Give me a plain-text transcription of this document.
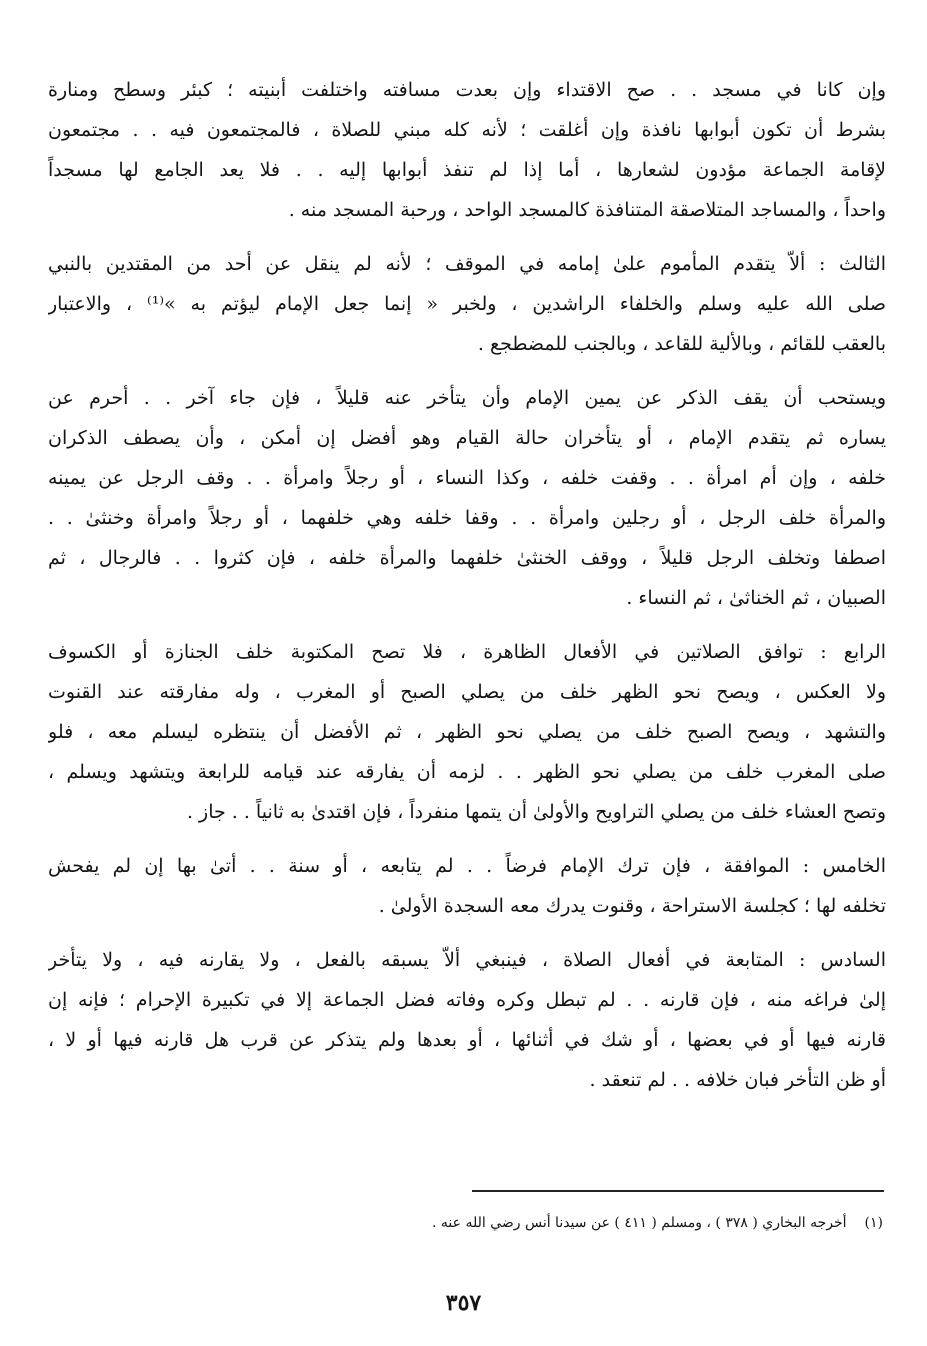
وإن كانا في مسجد . . صح الاقتداء وإن بعدت مسافته واختلفت أبنيته ؛ كبئر وسطح ومنارة
بشرط أن تكون أبوابها نافذة وإن أغلقت ؛ لأنه كله مبني للصلاة ، فالمجتمعون فيه . . مجتمعون
لإقامة الجماعة مؤدون لشعارها ، أما إذا لم تنفذ أبوابها إليه . . فلا يعد الجامع لها مسجداً
واحداً ، والمساجد المتلاصقة المتنافذة كالمسجد الواحد ، ورحبة المسجد منه .
الثالث : ألاّ يتقدم المأموم علىٰ إمامه في الموقف ؛ لأنه لم ينقل عن أحد من المقتدين بالنبي
صلى الله عليه وسلم والخلفاء الراشدين ، ولخبر « إنما جعل الإمام ليؤتم به »⁽¹⁾ ، والاعتبار
بالعقب للقائم ، وبالألية للقاعد ، وبالجنب للمضطجع .
ويستحب أن يقف الذكر عن يمين الإمام وأن يتأخر عنه قليلاً ، فإن جاء آخر . . أحرم عن
يساره ثم يتقدم الإمام ، أو يتأخران حالة القيام وهو أفضل إن أمكن ، وأن يصطف الذكران
خلفه ، وإن أم امرأة . . وقفت خلفه ، وكذا النساء ، أو رجلاً وامرأة . . وقف الرجل عن يمينه
والمرأة خلف الرجل ، أو رجلين وامرأة . . وقفا خلفه وهي خلفهما ، أو رجلاً وامرأة وخنثىٰ . .
اصطفا وتخلف الرجل قليلاً ، ووقف الخنثىٰ خلفهما والمرأة خلفه ، فإن كثروا . . فالرجال ، ثم
الصبيان ، ثم الخناثىٰ ، ثم النساء .
الرابع : توافق الصلاتين في الأفعال الظاهرة ، فلا تصح المكتوبة خلف الجنازة أو الكسوف
ولا العكس ، ويصح نحو الظهر خلف من يصلي الصبح أو المغرب ، وله مفارقته عند القنوت
والتشهد ، ويصح الصبح خلف من يصلي نحو الظهر ، ثم الأفضل أن ينتظره ليسلم معه ، فلو
صلى المغرب خلف من يصلي نحو الظهر . . لزمه أن يفارقه عند قيامه للرابعة ويتشهد ويسلم ،
وتصح العشاء خلف من يصلي التراويح والأولىٰ أن يتمها منفرداً ، فإن اقتدىٰ به ثانياً . . جاز .
الخامس : الموافقة ، فإن ترك الإمام فرضاً . . لم يتابعه ، أو سنة . . أتىٰ بها إن لم يفحش
تخلفه لها ؛ كجلسة الاستراحة ، وقنوت يدرك معه السجدة الأولىٰ .
السادس : المتابعة في أفعال الصلاة ، فينبغي ألاّ يسبقه بالفعل ، ولا يقارنه فيه ، ولا يتأخر
إلىٰ فراغه منه ، فإن قارنه . . لم تبطل وكره وفاته فضل الجماعة إلا في تكبيرة الإحرام ؛ فإنه إن
قارنه فيها أو في بعضها ، أو شك في أثنائها ، أو بعدها ولم يتذكر عن قرب هل قارنه فيها أو لا ،
أو ظن التأخر فبان خلافه . . لم تنعقد .
(١)أخرجه البخاري ( ٣٧٨ ) ، ومسلم ( ٤١١ ) عن سيدنا أنس رضي الله عنه .
٣٥٧
